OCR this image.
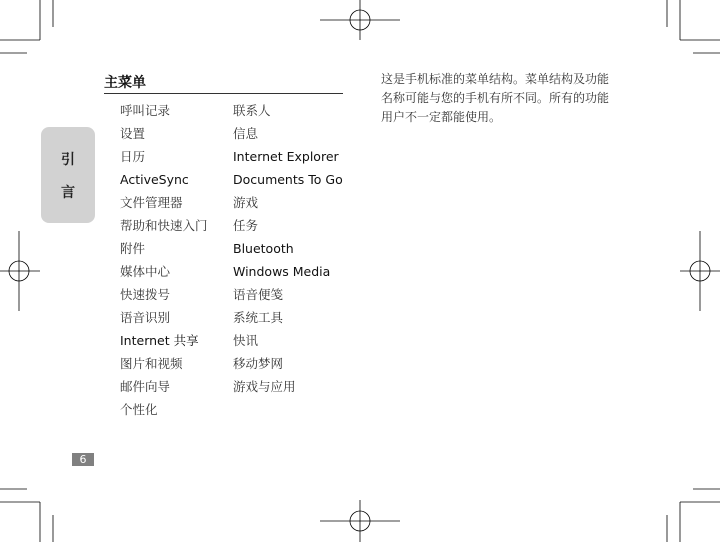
引
言
主菜单
呼叫记录
设置
日历
ActiveSync
文件管理器
帮助和快速入门
附件
媒体中心
快速拨号
语音识别
Internet 共享
图片和视频
邮件向导
个性化
联系人
信息
Internet Explorer
Documents To Go
游戏
任务
Bluetooth
Windows Media
语音便笺
系统工具
快讯
移动梦网
游戏与应用
这是手机标准的菜单结构。菜单结构及功能名称可能与您的手机有所不同。所有的功能用户不一定都能使用。
6
